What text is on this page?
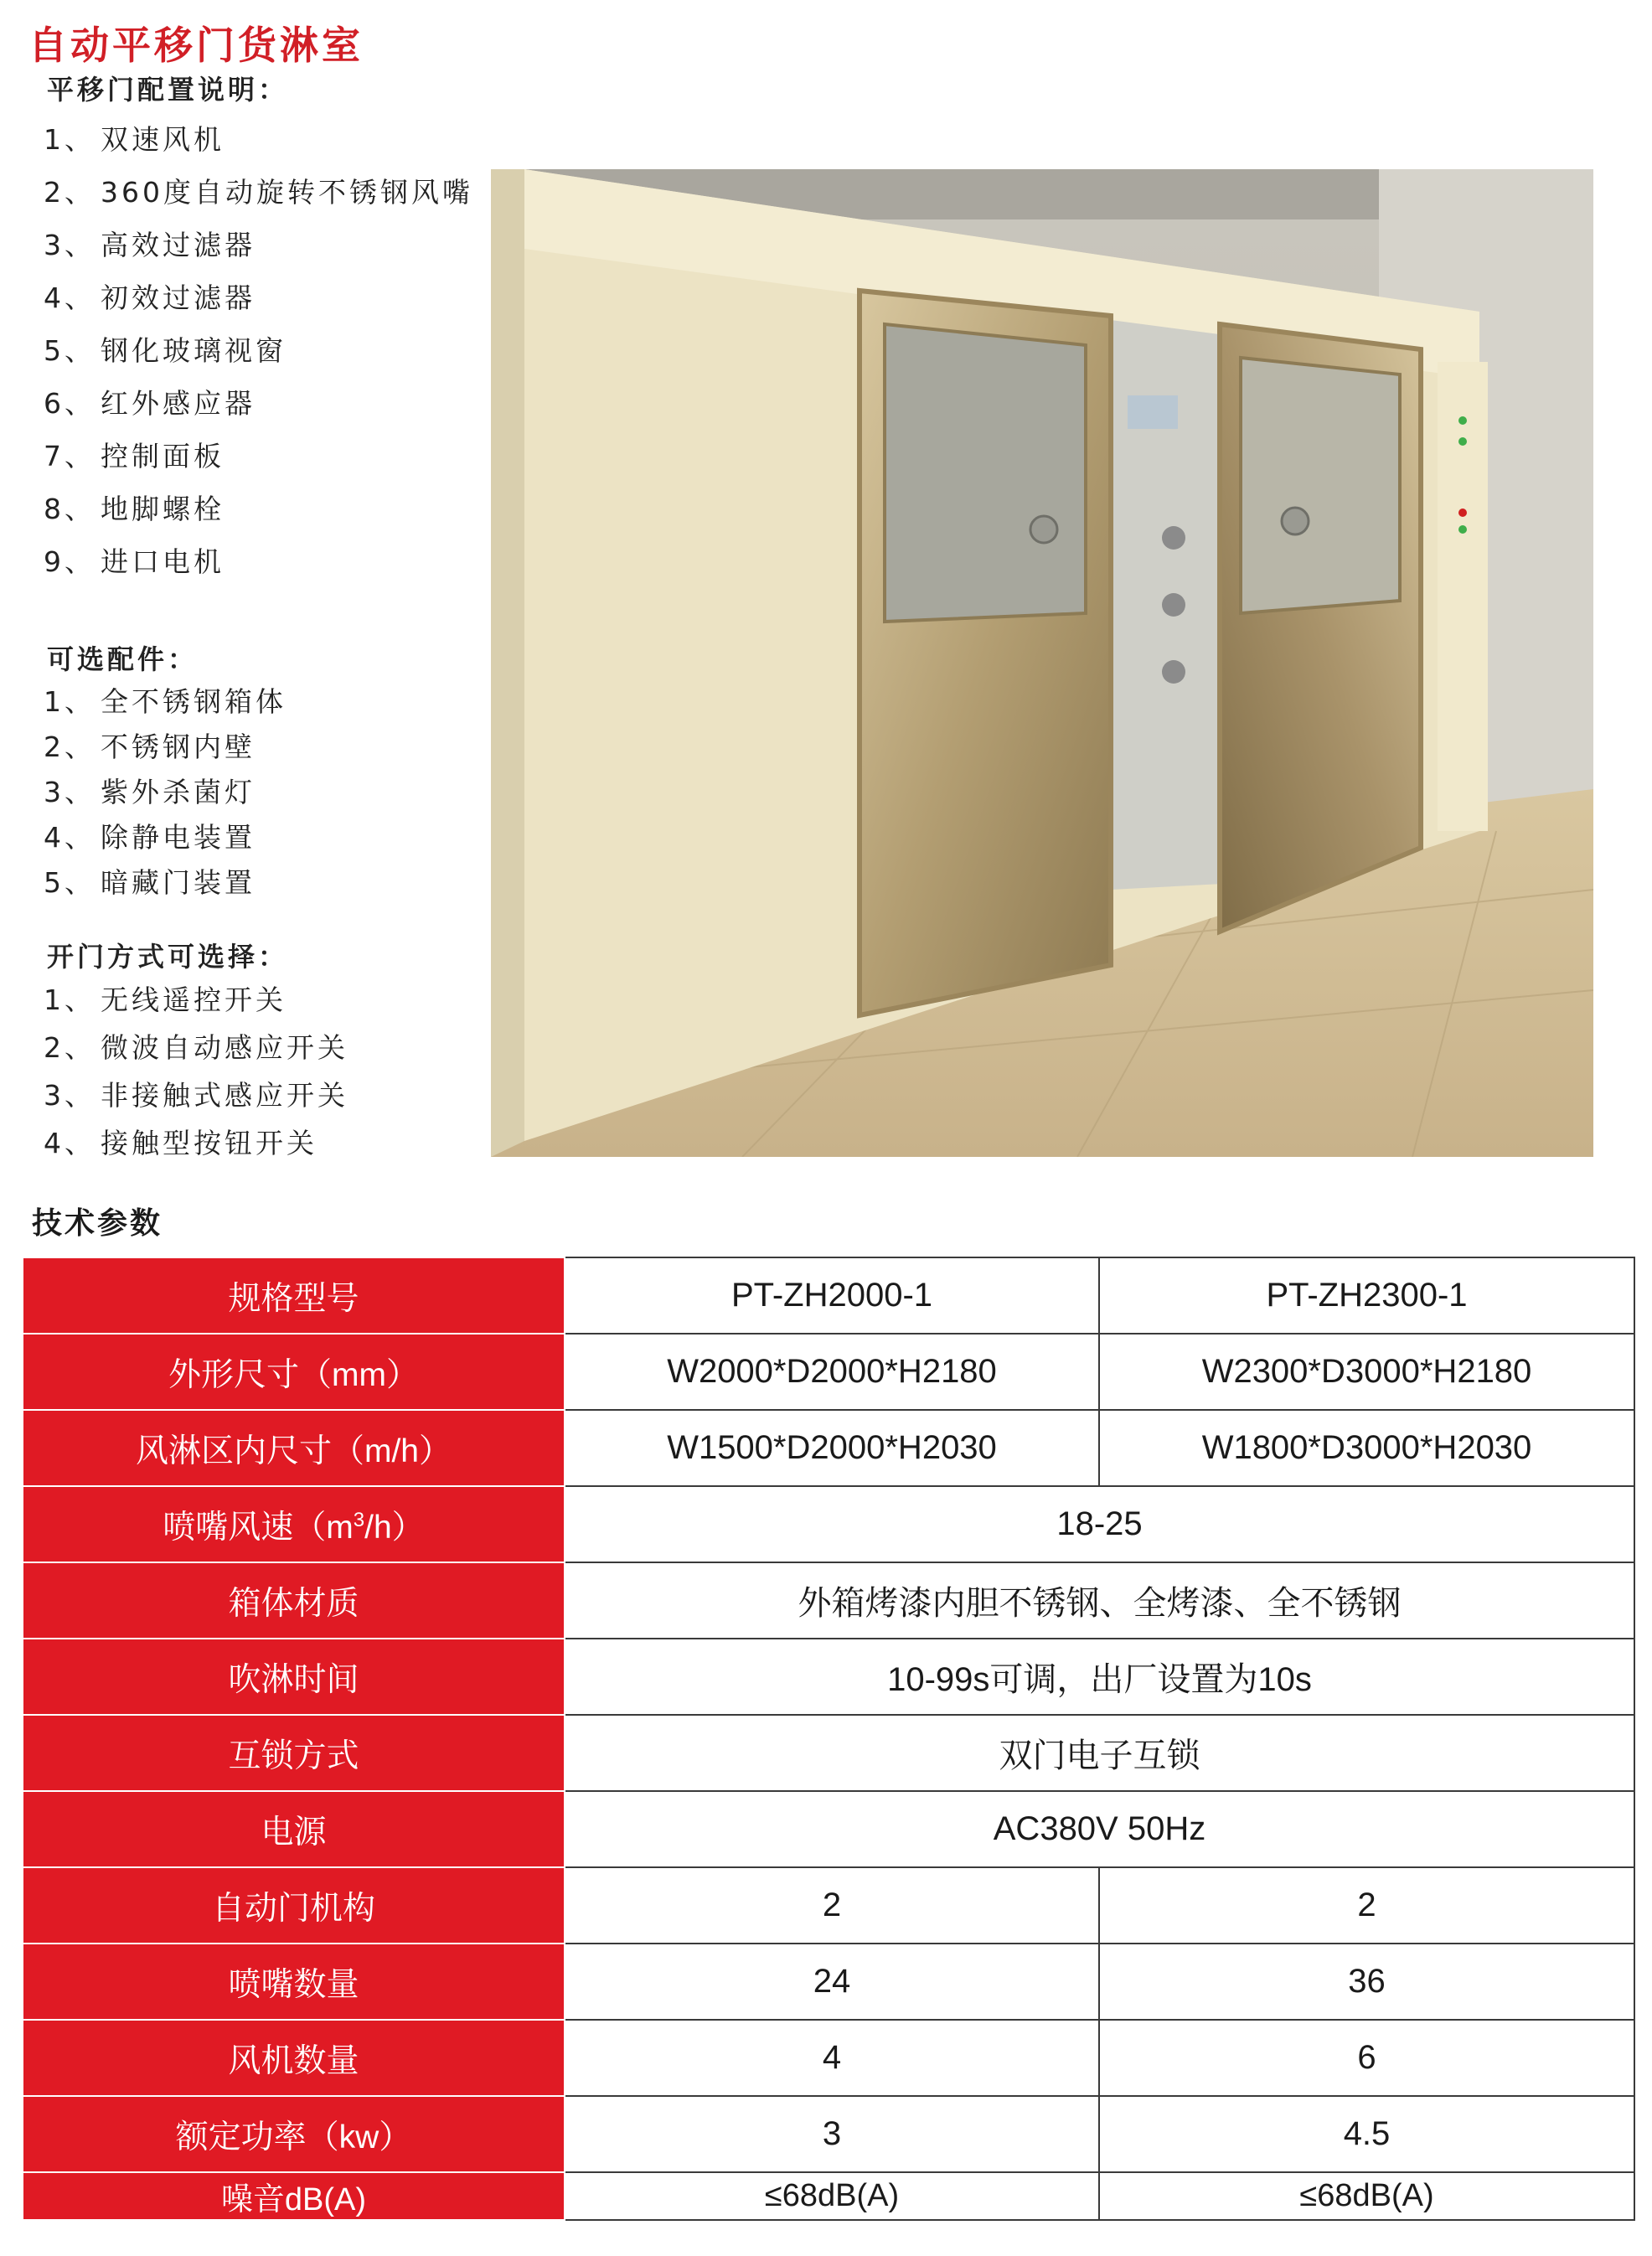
自动平移门货淋室
平移门配置说明：
1、 双速风机
2、 360度自动旋转不锈钢风嘴
3、 高效过滤器
4、 初效过滤器
5、 钢化玻璃视窗
6、 红外感应器
7、 控制面板
8、 地脚螺栓
9、 进口电机
可选配件：
1、 全不锈钢箱体
2、 不锈钢内壁
3、 紫外杀菌灯
4、 除静电装置
5、 暗藏门装置
开门方式可选择：
1、 无线遥控开关
2、 微波自动感应开关
3、 非接触式感应开关
4、 接触型按钮开关
技术参数
规格型号	PT-ZH2000-1	PT-ZH2300-1
外形尺寸（mm）	W2000*D2000*H2180	W2300*D3000*H2180
风淋区内尺寸（m/h）	W1500*D2000*H2030	W1800*D3000*H2030
喷嘴风速$(m^3/h)$	18-25	
箱体材质	外箱烤漆内胆不锈钢、全烤漆、全不锈钢	
吹淋时间	10-99s可调，出厂设置为10s	
互锁方式	双门电子互锁	
电源	AC380V 50Hz	
自动门机构	2	2
喷嘴数量	24	36
风机数量	4	6
额定功率（kw）	3	4.5
噪音dB(A)	≤68dB(A)	≤68dB(A)
